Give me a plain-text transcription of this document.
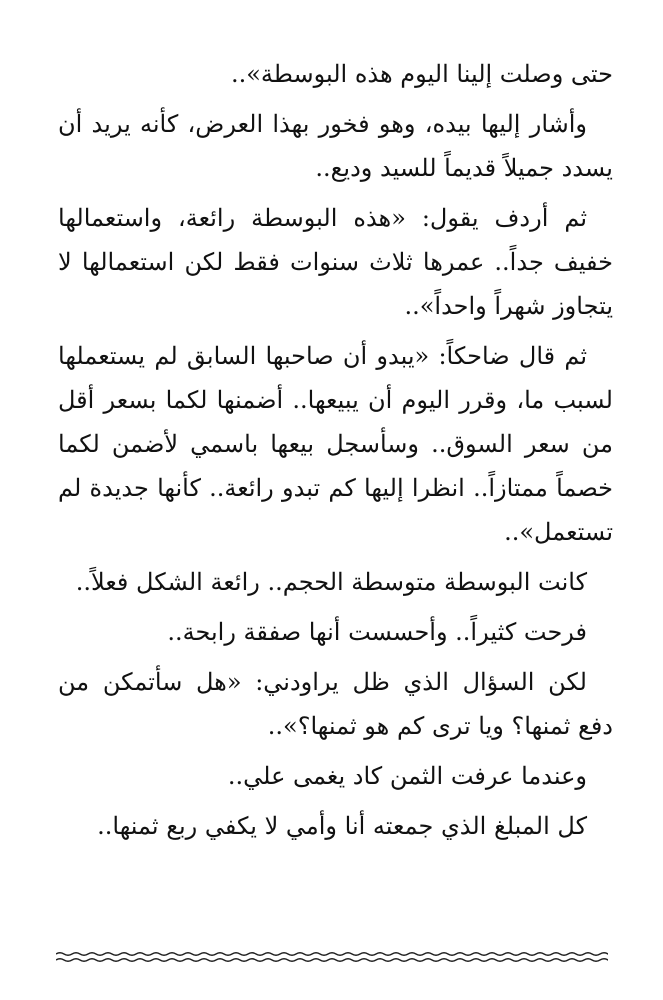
حتى وصلت إلينا اليوم هذه البوسطة»..

وأشار إليها بيده، وهو فخور بهذا العرض، كأنه يريد أن يسدد جميلاً قديماً للسيد وديع..

ثم أردف يقول: «هذه البوسطة رائعة، واستعمالها خفيف جداً.. عمرها ثلاث سنوات فقط لكن استعمالها لا يتجاوز شهراً واحداً»..

ثم قال ضاحكاً: «يبدو أن صاحبها السابق لم يستعملها لسبب ما، وقرر اليوم أن يبيعها.. أضمنها لكما بسعر أقل من سعر السوق.. وسأسجل بيعها باسمي لأضمن لكما خصماً ممتازاً.. انظرا إليها كم تبدو رائعة.. كأنها جديدة لم تستعمل»..

كانت البوسطة متوسطة الحجم.. رائعة الشكل فعلاً..

فرحت كثيراً.. وأحسست أنها صفقة رابحة..

لكن السؤال الذي ظل يراودني: «هل سأتمكن من دفع ثمنها؟ ويا ترى كم هو ثمنها؟»..

وعندما عرفت الثمن كاد يغمى علي..

كل المبلغ الذي جمعته أنا وأمي لا يكفي ربع ثمنها..
